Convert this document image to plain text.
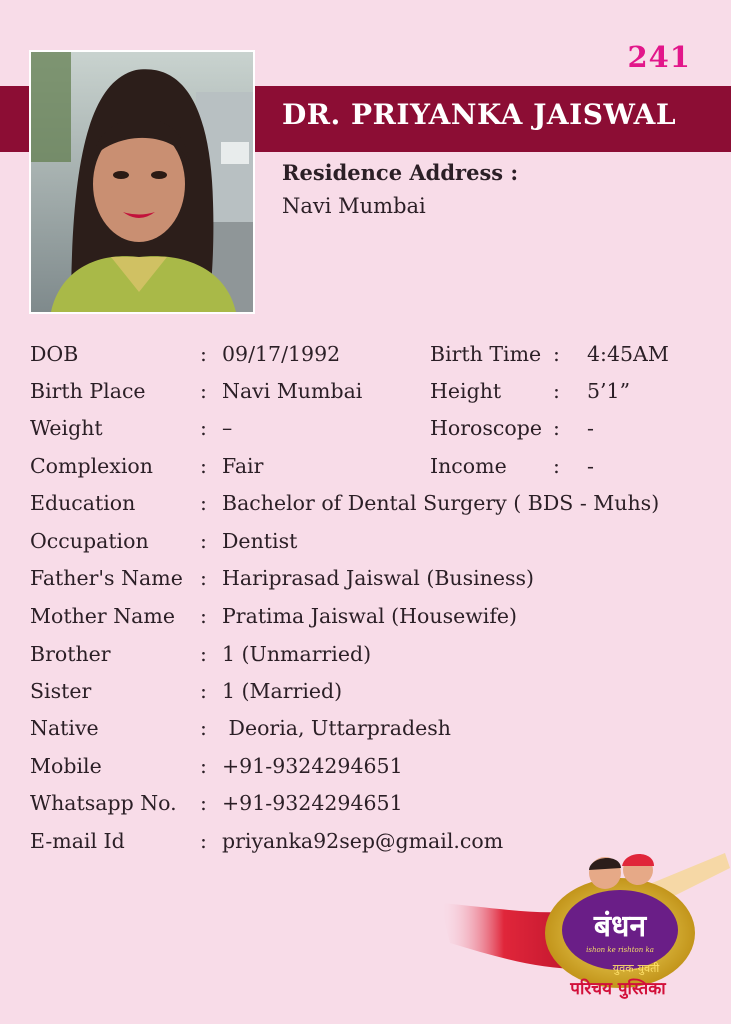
241
DR. PRIYANKA JAISWAL
Residence Address :
Navi Mumbai
DOB	: 09/17/1992	Birth Time : 4:45AM
Birth Place	: Navi Mumbai	Height	: 5’1”
Weight	: –	Horoscope : -
Complexion : Fair	Income : -
Education	: Bachelor of Dental Surgery ( BDS - Muhs)
Occupation	: Dentist
Father's Name : Hariprasad Jaiswal (Business)
Mother Name : Pratima Jaiswal (Housewife)
Brother	: 1 (Unmarried)
Sister	: 1 (Married)
Native	: Deoria, Uttarpradesh
Mobile	: +91-9324294651
Whatsapp No. : +91-9324294651
E-mail Id	: priyanka92sep@gmail.com
बंधन
ishon ke rishton ka
युवक-युवती
परिचय पुस्तिका
